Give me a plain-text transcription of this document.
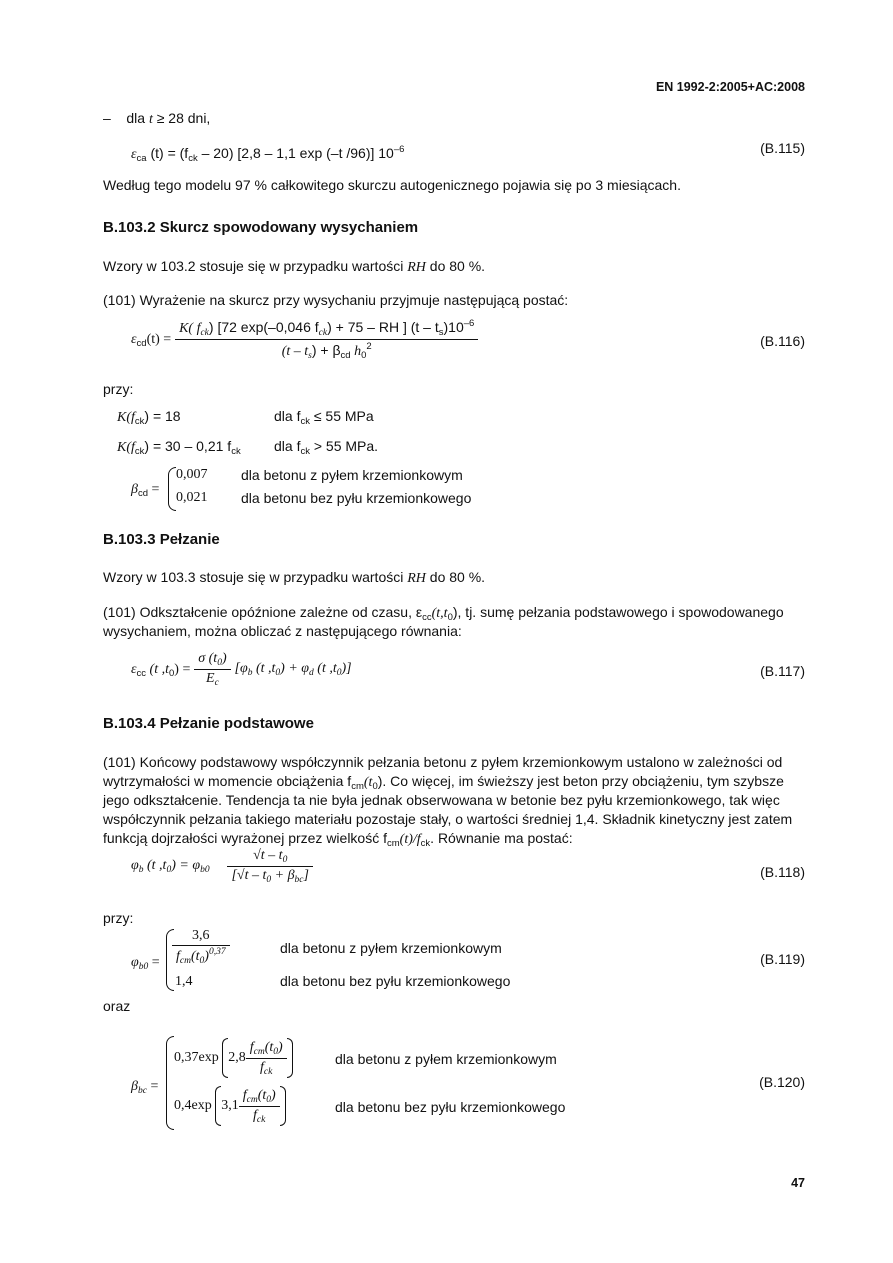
EN 1992-2:2005+AC:2008
– dla t ≥ 28 dni,
$\varepsilon_{ca}$ $(t) = (f_{ck} - 20)$ [2,8 – 1,1 exp (–t /96)] $10^{-6}$	(B.115)
Według tego modelu 97 % całkowitego skurczu autogenicznego pojawia się po 3 miesiącach.
B.103.2 Skurcz spowodowany wysychaniem
Wzory w 103.2 stosuje się w przypadku wartości RH do 80 %.
(101) Wyrażenie na skurcz przy wysychaniu przyjmuje następującą postać:
$\varepsilon_{cd}(t) = \frac{K( f_{ck}) [72 \exp(-0,046 f_{ck}) + 75 - RH ] (t - t_s)10^{-6}}{(t - t_s) + \beta_{cd} h_0^2}$	(B.116)
przy:
$K(f_{ck}) = 18$	dla $f_{ck} \le 55$ MPa
$K(f_{ck}) = 30 - 0,21$ $f_{ck}$ dla $f_{ck} > 55$ MPa.
$\beta_{cd}$ =
0,007 dla betonu z pyłem krzemionkowym
0,021 dla betonu bez pyłu krzemionkowego
B.103.3 Pełzanie
Wzory w 103.3 stosuje się w przypadku wartości RH do 80 %.
(101) Odkształcenie opóźnione zależne od czasu, $\varepsilon_{cc}(t,t_0)$, tj. sumę pełzania podstawowego i spowodowanego
wysychaniem, można obliczać z następującego równania:
$\varepsilon_{cc}$ (t $,t_0) = \frac{\sigma (t_0)}{E_c} [\varphi_b$ (t $,t_0) + \varphi_d$ (t $,t_0$)]	(B.117)
B.103.4 Pełzanie podstawowe
(101) Końcowy podstawowy współczynnik pełzania betonu z pyłem krzemionkowym ustalono w zależności od
wytrzymałości w momencie obciążenia $f_{cm}(t_0)$. Co więcej, im świeższy jest beton przy obciążeniu, tym szybsze
jego odkształcenie. Tendencja ta nie była jednak obserwowana w betonie bez pyłu krzemionkowego, tak więc
współczynnik pełzania takiego materiału pozostaje stały, o wartości średniej 1,4. Składnik kinetyczny jest zatem
funkcją dojrzałości wyrażonej przez wielkość $f_{cm}(t)/f_{ck}$. Równanie ma postać:
$\varphi_b$ (t $,t_0) = \varphi_{b0} \frac{√t - t_0}{[√t - t_0 + \beta_{bc}]}$	(B.118)
przy:
$\varphi_{b0} = \frac{3,6}{f_{cm}(t_0)^{0,37}}$	dla betonu z pyłem krzemionkowym
1,4	dla betonu bez pyłu krzemionkowego
(B.119)
oraz
$\beta_{bc}$ =
0,37exp $2,8 \frac{f_{cm}(t_0)}{f_{ck}}$	dla betonu z pyłem krzemionkowym
0,4exp $3,1 \frac{f_{cm}(t_0)}{f_{ck}}$	dla betonu bez pyłu krzemionkowego
(B.120)
47
